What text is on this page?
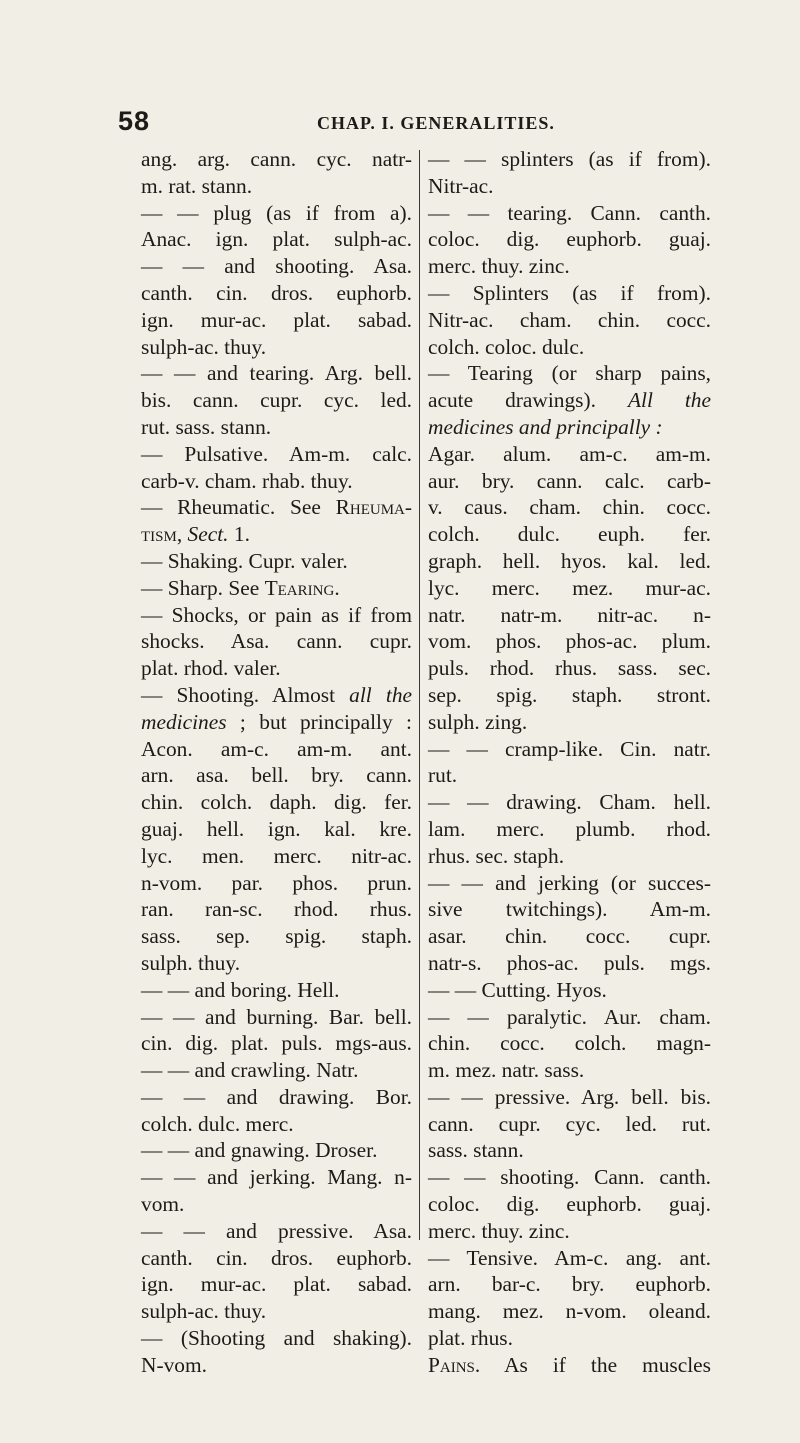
58	CHAP. I. GENERALITIES.
ang. arg. cann. cyc. natr-
m. rat. stann.
— — plug (as if from a).
Anac. ign. plat. sulph-ac.
— — and shooting. Asa.
canth. cin. dros. euphorb.
ign. mur-ac. plat. sabad.
sulph-ac. thuy.
— — and tearing. Arg. bell.
bis. cann. cupr. cyc. led.
rut. sass. stann.
— Pulsative. Am-m. calc.
carb-v. cham. rhab. thuy.
— Rheumatic. See Rheuma-
tism, Sect. 1.
— Shaking. Cupr. valer.
— Sharp. See Tearing.
— Shocks, or pain as if from
shocks. Asa. cann. cupr.
plat. rhod. valer.
— Shooting. Almost all the
medicines ; but principally :
Acon. am-c. am-m. ant.
arn. asa. bell. bry. cann.
chin. colch. daph. dig. fer.
guaj. hell. ign. kal. kre.
lyc. men. merc. nitr-ac.
n-vom. par. phos. prun.
ran. ran-sc. rhod. rhus.
sass. sep. spig. staph.
sulph. thuy.
— — and boring. Hell.
— — and burning. Bar. bell.
cin. dig. plat. puls. mgs-aus.
— — and crawling. Natr.
— — and drawing. Bor.
colch. dulc. merc.
— — and gnawing. Droser.
— — and jerking. Mang. n-
vom.
— — and pressive. Asa.
canth. cin. dros. euphorb.
ign. mur-ac. plat. sabad.
sulph-ac. thuy.
— (Shooting and shaking).
N-vom.
— — splinters (as if from).
Nitr-ac.
— — tearing. Cann. canth.
coloc. dig. euphorb. guaj.
merc. thuy. zinc.
— Splinters (as if from).
Nitr-ac. cham. chin. cocc.
colch. coloc. dulc.
— Tearing (or sharp pains,
acute drawings). All the
medicines and principally :
Agar. alum. am-c. am-m.
aur. bry. cann. calc. carb-
v. caus. cham. chin. cocc.
colch. dulc. euph. fer.
graph. hell. hyos. kal. led.
lyc. merc. mez. mur-ac.
natr. natr-m. nitr-ac. n-
vom. phos. phos-ac. plum.
puls. rhod. rhus. sass. sec.
sep. spig. staph. stront.
sulph. zing.
— — cramp-like. Cin. natr.
rut.
— — drawing. Cham. hell.
lam. merc. plumb. rhod.
rhus. sec. staph.
— — and jerking (or succes-
sive twitchings). Am-m.
asar. chin. cocc. cupr.
natr-s. phos-ac. puls. mgs.
— — Cutting. Hyos.
— — paralytic. Aur. cham.
chin. cocc. colch. magn-
m. mez. natr. sass.
— — pressive. Arg. bell. bis.
cann. cupr. cyc. led. rut.
sass. stann.
— — shooting. Cann. canth.
coloc. dig. euphorb. guaj.
merc. thuy. zinc.
— Tensive. Am-c. ang. ant.
arn. bar-c. bry. euphorb.
mang. mez. n-vom. oleand.
plat. rhus.
Pains. As if the muscles
